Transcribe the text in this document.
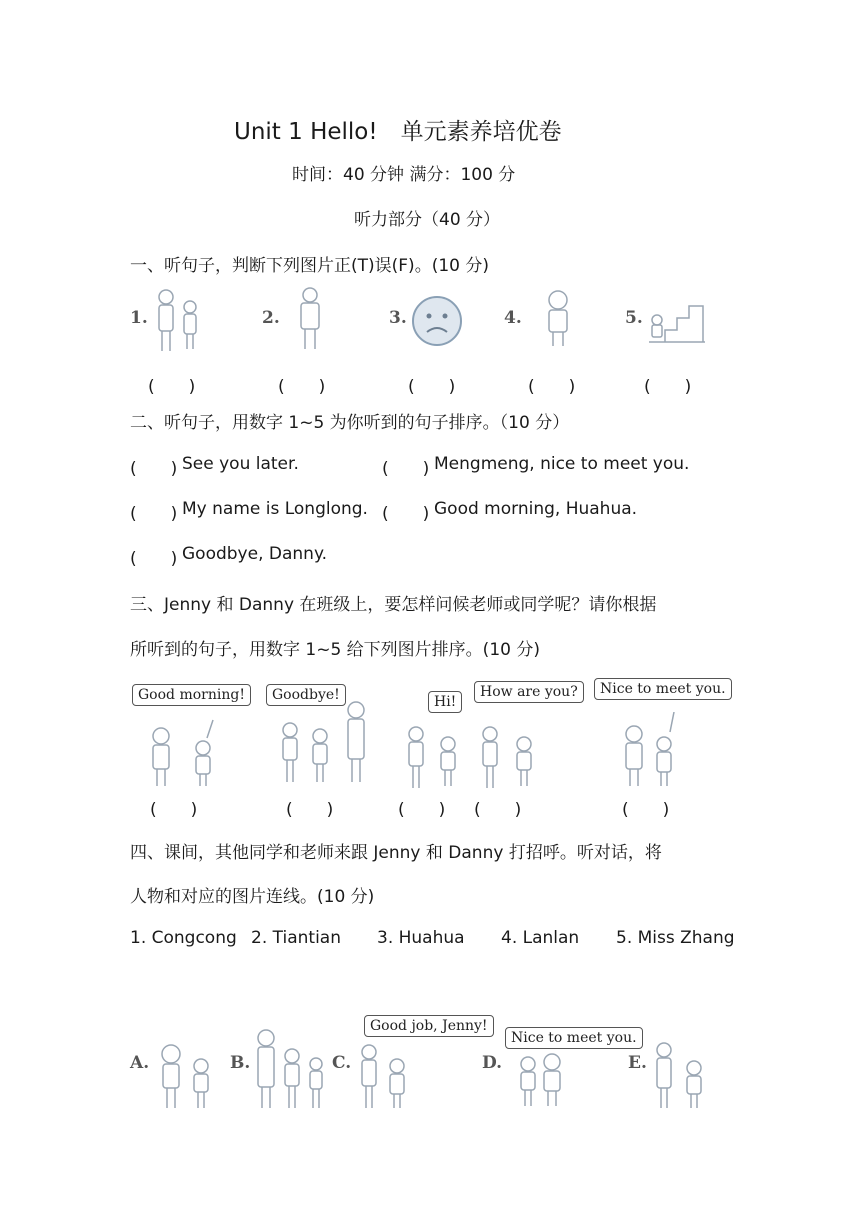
Unit 1 Hello!　单元素养培优卷
时间：40 分钟 满分：100 分
听力部分（40 分）
一、听句子，判断下列图片正(T)误(F)。(10 分)
1.	2.	3.	4.	5.
(　　)	(　　)	(　　)	(　　)	(　　)
二、听句子，用数字 1~5 为你听到的句子排序。（10 分）
(　　) See you later.	(　　) Mengmeng, nice to meet you.
(　　) My name is Longlong. (　　) Good morning, Huahua.
(　　) Goodbye, Danny.
三、Jenny 和 Danny 在班级上，要怎样问候老师或同学呢？请你根据
所听到的句子，用数字 1~5 给下列图片排序。(10 分)
Good morning!	Goodbye!	Hi!
How are you?	Nice to meet you.
(　　)	(　　)	(　　) (　　)	(　　)
四、课间，其他同学和老师来跟 Jenny 和 Danny 打招呼。听对话，将
人物和对应的图片连线。(10 分)
1. Congcong 2. Tiantian 3. Huahua 4. Lanlan 5. Miss Zhang
Good job, Jenny!
Nice to meet you.
A.	B.	C.	D.	E.
